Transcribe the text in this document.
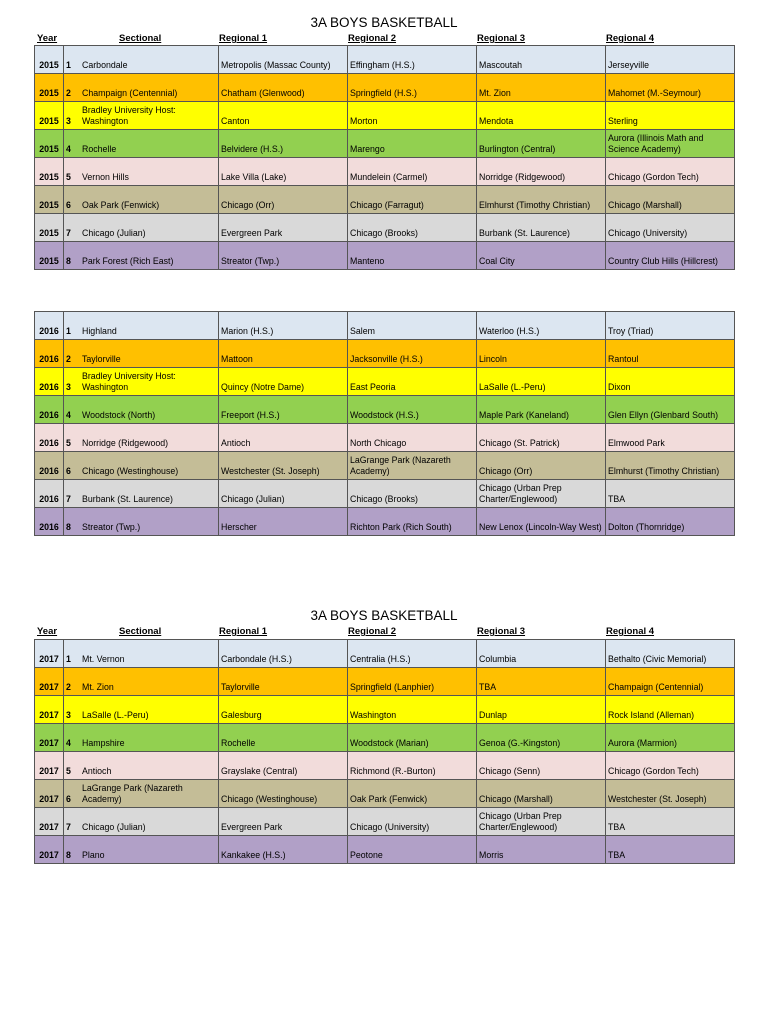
3A BOYS BASKETBALL
Year	Sectional	Regional 1	Regional 2	Regional 3	Regional 4
2015	1 Carbondale	Metropolis (Massac County)	Effingham (H.S.)	Mascoutah	Jerseyville
2015	2 Champaign (Centennial)	Chatham (Glenwood)	Springfield (H.S.)	Mt. Zion	Mahomet (M.-Seymour)
2015	3Bradley University Host: Washington	Canton	Morton	Mendota	Sterling
2015	4 Rochelle	Belvidere (H.S.)	Marengo	Burlington (Central)	Aurora (Illinois Math and Science Academy)
2015	5 Vernon Hills	Lake Villa (Lake)	Mundelein (Carmel)	Norridge (Ridgewood)	Chicago (Gordon Tech)
2015	6 Oak Park (Fenwick)	Chicago (Orr)	Chicago (Farragut)	Elmhurst (Timothy Christian)	Chicago (Marshall)
2015	7 Chicago (Julian)	Evergreen Park	Chicago (Brooks)	Burbank (St. Laurence)	Chicago (University)
2015	8 Park Forest (Rich East)	Streator (Twp.)	Manteno	Coal City	Country Club Hills (Hillcrest)
2016	1 Highland	Marion (H.S.)	Salem	Waterloo (H.S.)	Troy (Triad)
2016	2 Taylorville	Mattoon	Jacksonville (H.S.)	Lincoln	Rantoul
2016	3Bradley University Host: Washington	Quincy (Notre Dame)	East Peoria	LaSalle (L.-Peru)	Dixon
2016	4 Woodstock (North)	Freeport (H.S.)	Woodstock (H.S.)	Maple Park (Kaneland)	Glen Ellyn (Glenbard South)
2016	5 Norridge (Ridgewood)	Antioch	North Chicago	Chicago (St. Patrick)	Elmwood Park
2016	6 Chicago (Westinghouse)	Westchester (St. Joseph)	LaGrange Park (Nazareth Academy)	Chicago (Orr)	Elmhurst (Timothy Christian)
2016	7 Burbank (St. Laurence)	Chicago (Julian)	Chicago (Brooks)	Chicago (Urban Prep Charter/Englewood)	TBA
2016	8 Streator (Twp.)	Herscher	Richton Park (Rich South)	New Lenox (Lincoln-Way West)	Dolton (Thornridge)
3A BOYS BASKETBALL
Year	Sectional	Regional 1	Regional 2	Regional 3	Regional 4
2017	1 Mt. Vernon	Carbondale (H.S.)	Centralia (H.S.)	Columbia	Bethalto (Civic Memorial)
2017	2 Mt. Zion	Taylorville	Springfield (Lanphier)	TBA	Champaign (Centennial)
2017	3 LaSalle (L.-Peru)	Galesburg	Washington	Dunlap	Rock Island (Alleman)
2017	4 Hampshire	Rochelle	Woodstock (Marian)	Genoa (G.-Kingston)	Aurora (Marmion)
2017	5 Antioch	Grayslake (Central)	Richmond (R.-Burton)	Chicago (Senn)	Chicago (Gordon Tech)
2017	6LaGrange Park (Nazareth Academy)	Chicago (Westinghouse)	Oak Park (Fenwick)	Chicago (Marshall)	Westchester (St. Joseph)
2017	7 Chicago (Julian)	Evergreen Park	Chicago (University)	Chicago (Urban Prep Charter/Englewood)	TBA
2017	8 Plano	Kankakee (H.S.)	Peotone	Morris	TBA
